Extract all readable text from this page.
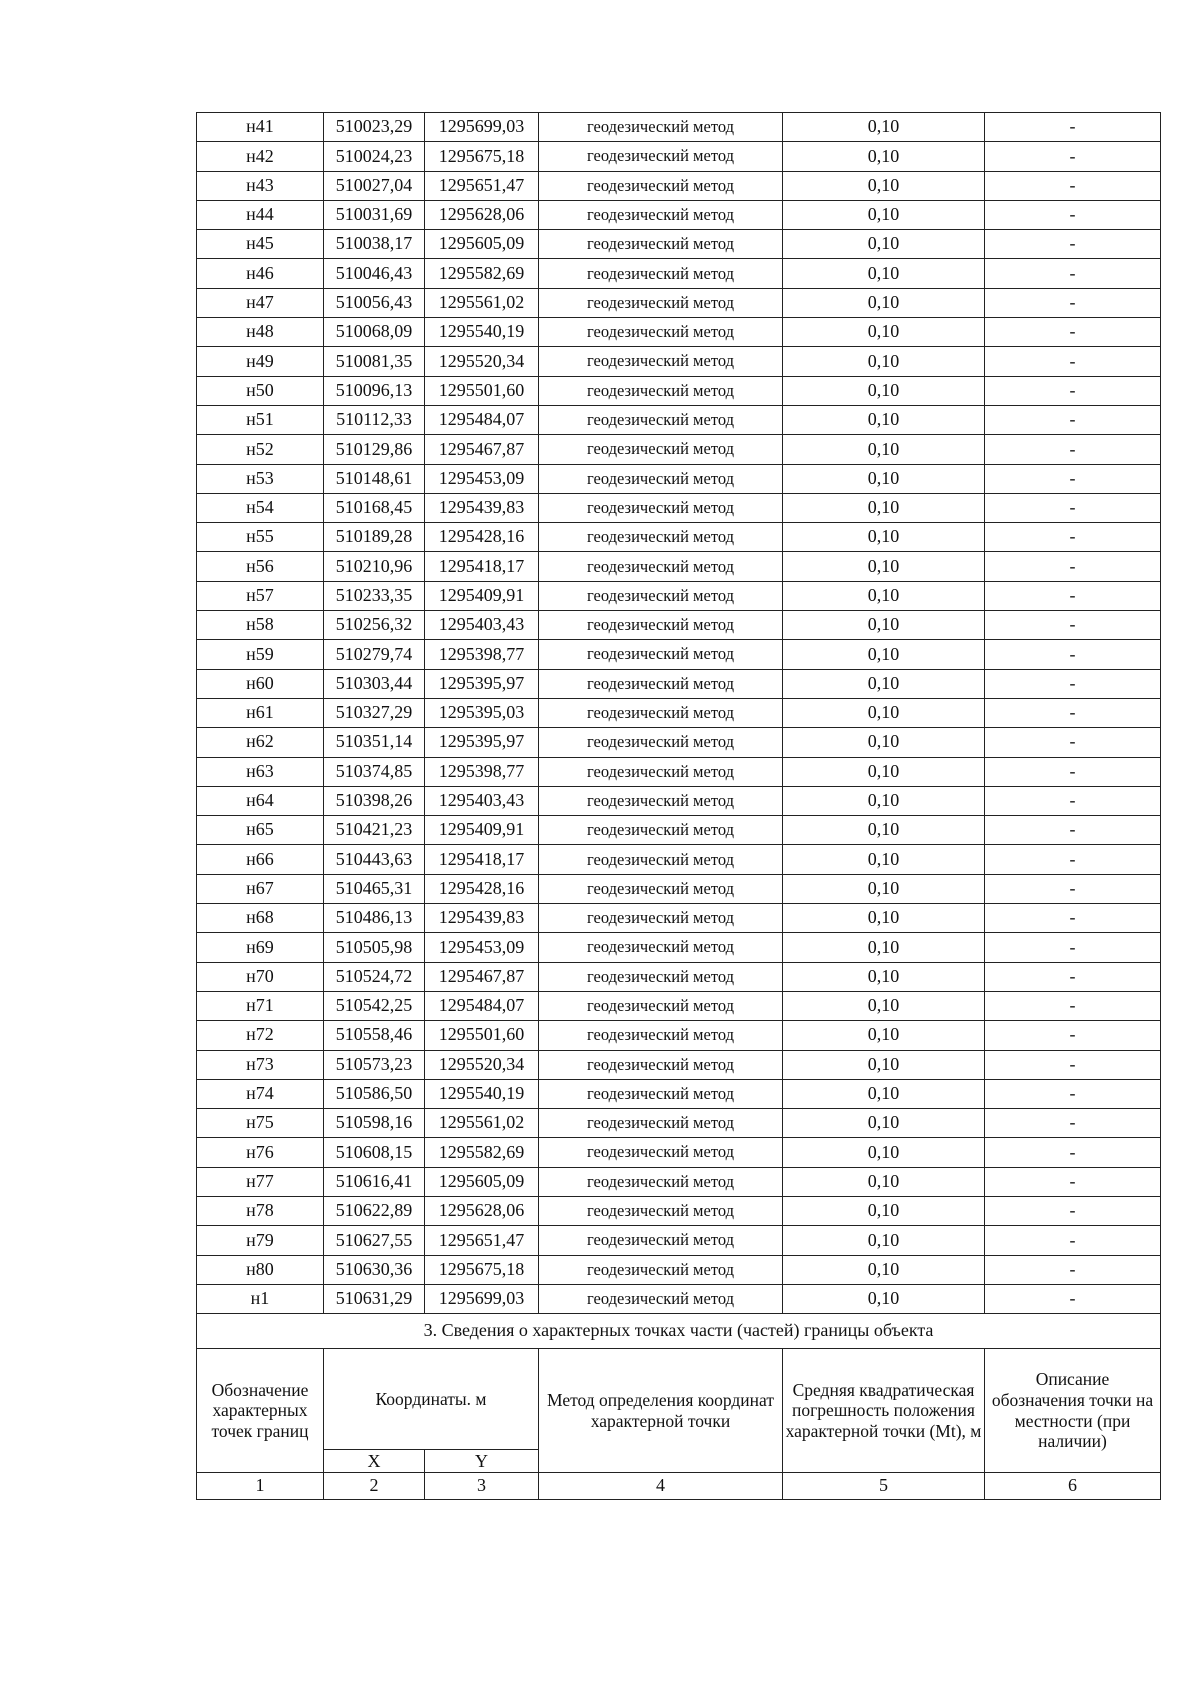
н41	510023,29	1295699,03	геодезический метод	0,10	-
н42	510024,23	1295675,18	геодезический метод	0,10	-
н43	510027,04	1295651,47	геодезический метод	0,10	-
н44	510031,69	1295628,06	геодезический метод	0,10	-
н45	510038,17	1295605,09	геодезический метод	0,10	-
н46	510046,43	1295582,69	геодезический метод	0,10	-
н47	510056,43	1295561,02	геодезический метод	0,10	-
н48	510068,09	1295540,19	геодезический метод	0,10	-
н49	510081,35	1295520,34	геодезический метод	0,10	-
н50	510096,13	1295501,60	геодезический метод	0,10	-
н51	510112,33	1295484,07	геодезический метод	0,10	-
н52	510129,86	1295467,87	геодезический метод	0,10	-
н53	510148,61	1295453,09	геодезический метод	0,10	-
н54	510168,45	1295439,83	геодезический метод	0,10	-
н55	510189,28	1295428,16	геодезический метод	0,10	-
н56	510210,96	1295418,17	геодезический метод	0,10	-
н57	510233,35	1295409,91	геодезический метод	0,10	-
н58	510256,32	1295403,43	геодезический метод	0,10	-
н59	510279,74	1295398,77	геодезический метод	0,10	-
н60	510303,44	1295395,97	геодезический метод	0,10	-
н61	510327,29	1295395,03	геодезический метод	0,10	-
н62	510351,14	1295395,97	геодезический метод	0,10	-
н63	510374,85	1295398,77	геодезический метод	0,10	-
н64	510398,26	1295403,43	геодезический метод	0,10	-
н65	510421,23	1295409,91	геодезический метод	0,10	-
н66	510443,63	1295418,17	геодезический метод	0,10	-
н67	510465,31	1295428,16	геодезический метод	0,10	-
н68	510486,13	1295439,83	геодезический метод	0,10	-
н69	510505,98	1295453,09	геодезический метод	0,10	-
н70	510524,72	1295467,87	геодезический метод	0,10	-
н71	510542,25	1295484,07	геодезический метод	0,10	-
н72	510558,46	1295501,60	геодезический метод	0,10	-
н73	510573,23	1295520,34	геодезический метод	0,10	-
н74	510586,50	1295540,19	геодезический метод	0,10	-
н75	510598,16	1295561,02	геодезический метод	0,10	-
н76	510608,15	1295582,69	геодезический метод	0,10	-
н77	510616,41	1295605,09	геодезический метод	0,10	-
н78	510622,89	1295628,06	геодезический метод	0,10	-
н79	510627,55	1295651,47	геодезический метод	0,10	-
н80	510630,36	1295675,18	геодезический метод	0,10	-
н1	510631,29	1295699,03	геодезический метод	0,10	-
3. Сведения о характерных точках части (частей) границы объекта					
Обозначение характерных точек границ	Координаты. м		Метод определения координат характерной точки	Средняя квадратическая погрешность положения характерной точки (Mt), м	Описание обозначения точки на местности (при наличии)
	X	Y			
1	2	3	4	5	6
